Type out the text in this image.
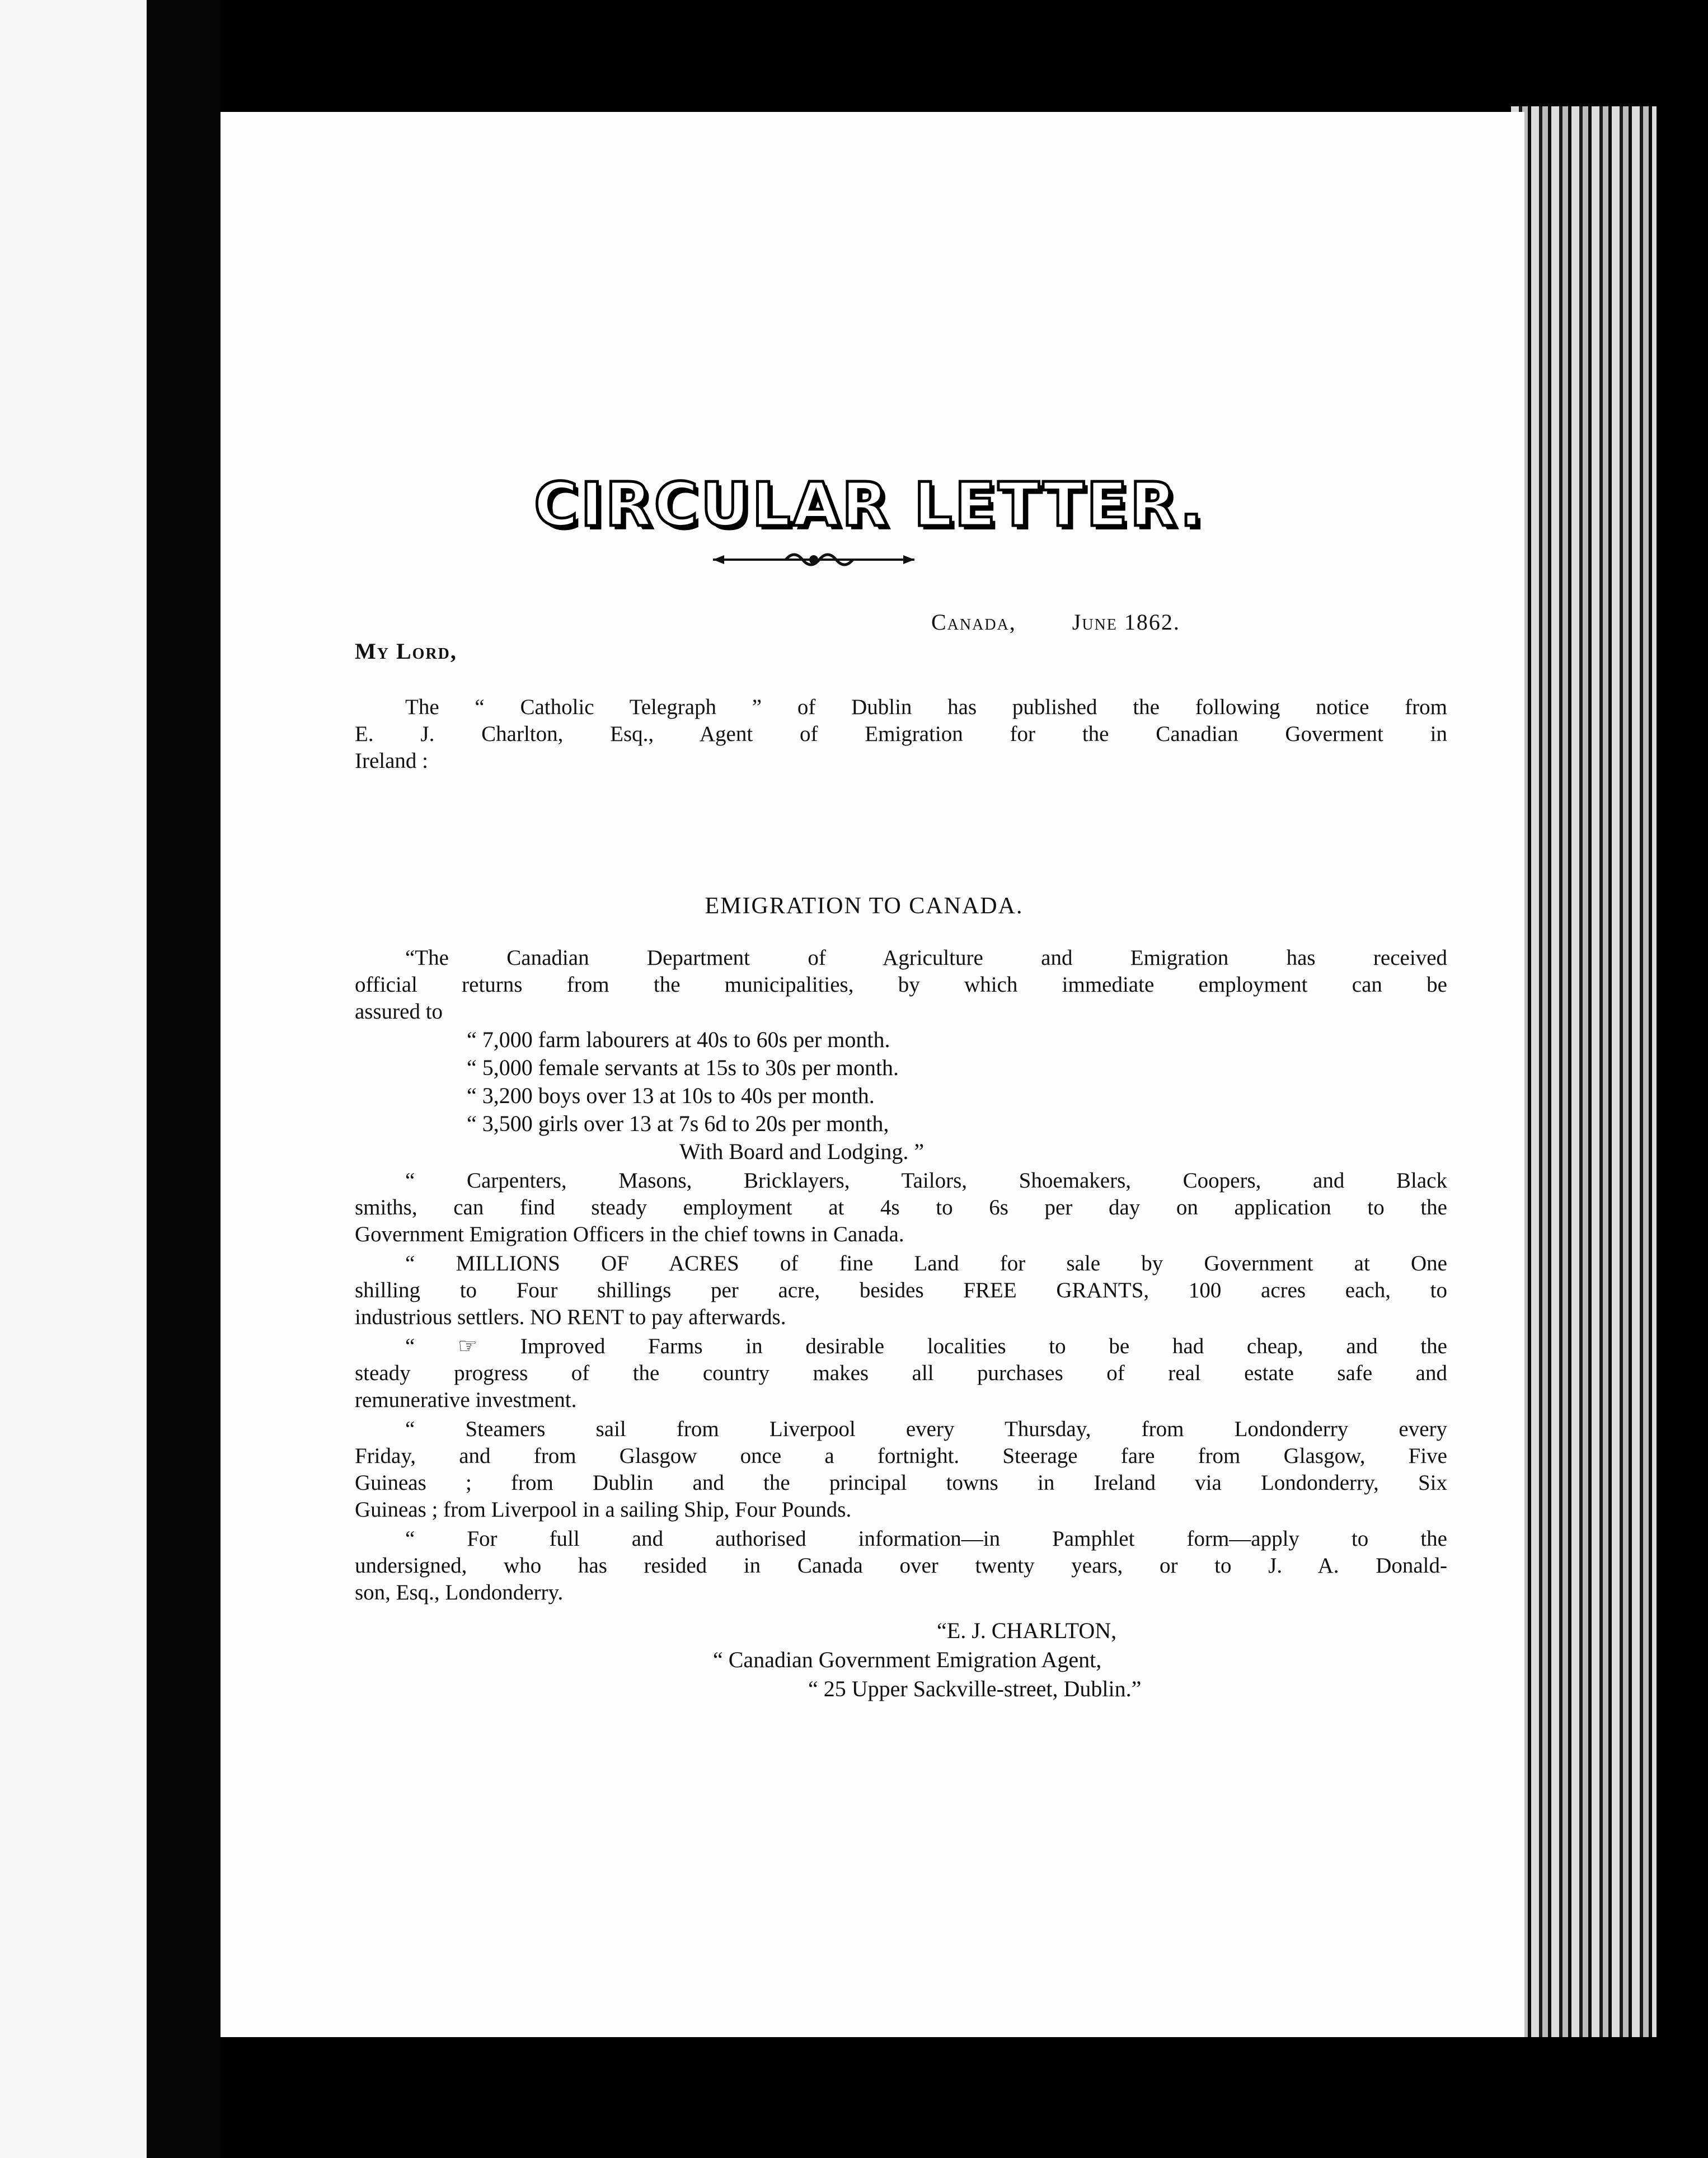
CIRCULAR LETTER.
Canada,	June 1862.
My Lord,
The “ Catholic Telegraph ” of Dublin has published the following notice from
E. J. Charlton, Esq., Agent of Emigration for the Canadian Goverment in
Ireland :
EMIGRATION TO CANADA.
“The Canadian Department of Agriculture and Emigration has received
official returns from the municipalities, by which immediate employment can be
assured to
“ 7,000 farm labourers at 40s to 60s per month.
“ 5,000 female servants at 15s to 30s per month.
“ 3,200 boys over 13 at 10s to 40s per month.
“ 3,500 girls over 13 at 7s 6d to 20s per month,
With Board and Lodging. ”
“ Carpenters, Masons, Bricklayers, Tailors, Shoemakers, Coopers, and Black
smiths, can find steady employment at 4s to 6s per day on application to the
Government Emigration Officers in the chief towns in Canada.
“ MILLIONS OF ACRES of fine Land for sale by Government at One
shilling to Four shillings per acre, besides FREE GRANTS, 100 acres each, to
industrious settlers. NO RENT to pay afterwards.
“ ☞ Improved Farms in desirable localities to be had cheap, and the
steady progress of the country makes all purchases of real estate safe and
remunerative investment.
“ Steamers sail from Liverpool every Thursday, from Londonderry every
Friday, and from Glasgow once a fortnight. Steerage fare from Glasgow, Five
Guineas ; from Dublin and the principal towns in Ireland via Londonderry, Six
Guineas ; from Liverpool in a sailing Ship, Four Pounds.
“ For full and authorised information—in Pamphlet form—apply to the
undersigned, who has resided in Canada over twenty years, or to J. A. Donald-
son, Esq., Londonderry.
“E. J. CHARLTON,
“ Canadian Government Emigration Agent,
“ 25 Upper Sackville-street, Dublin.”
